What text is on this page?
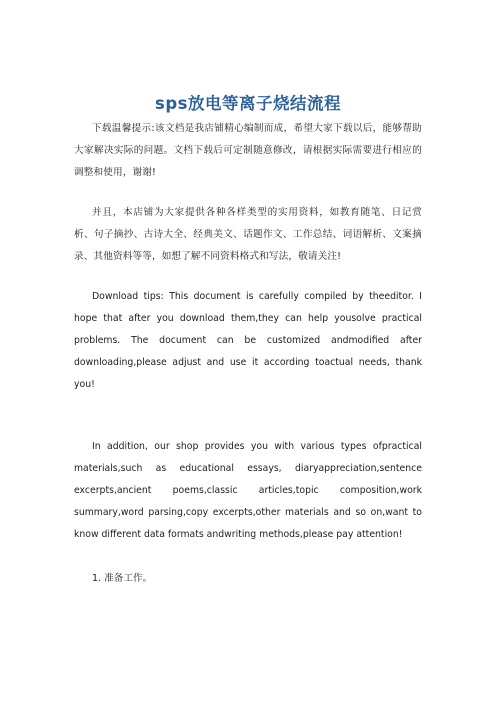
sps放电等离子烧结流程

下载温馨提示:该文档是我店铺精心编制而成，希望大家下载以后，能够帮助大家解决实际的问题。文档下载后可定制随意修改，请根据实际需要进行相应的调整和使用，谢谢!

并且，本店铺为大家提供各种各样类型的实用资料，如教育随笔、日记赏析、句子摘抄、古诗大全、经典美文、话题作文、工作总结、词语解析、文案摘录、其他资料等等，如想了解不同资料格式和写法，敬请关注!

Download tips: This document is carefully compiled by theeditor. I hope that after you download them,they can help yousolve practical problems. The document can be customized andmodified after downloading,please adjust and use it according toactual needs, thank you!

In addition, our shop provides you with various types ofpractical materials,such as educational essays, diaryappreciation,sentence excerpts,ancient poems,classic articles,topic composition,work summary,word parsing,copy excerpts,other materials and so on,want to know different data formats andwriting methods,please pay attention!

1. 准备工作。
